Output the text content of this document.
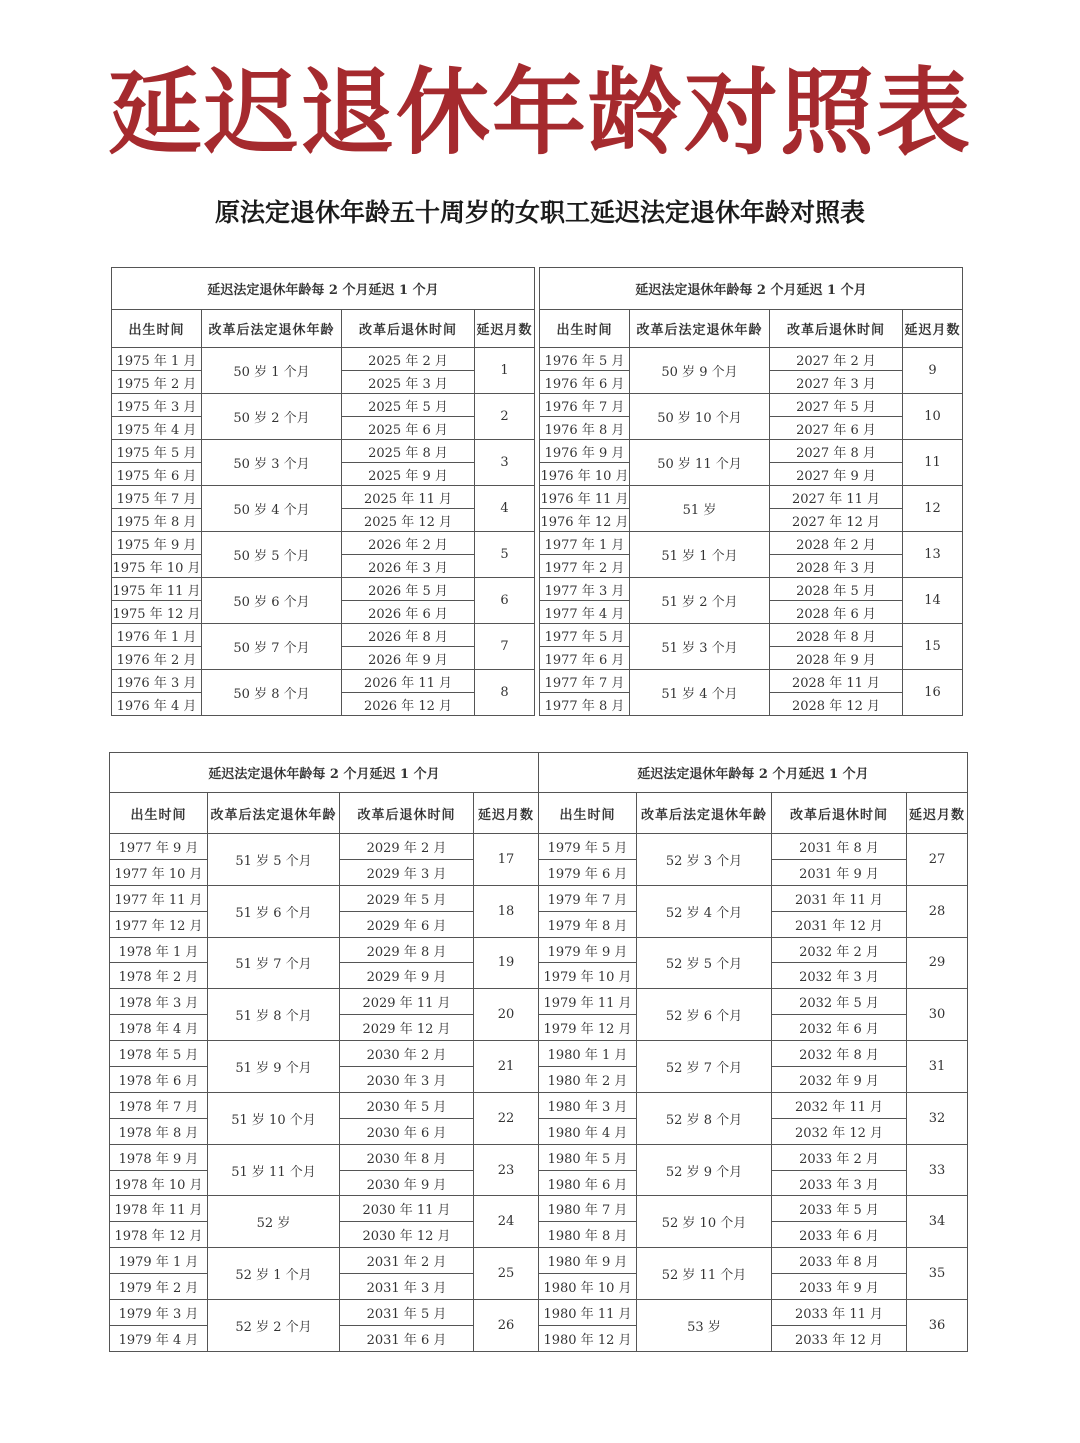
延迟退休年龄对照表
原法定退休年龄五十周岁的女职工延迟法定退休年龄对照表
延迟法定退休年龄每 2 个月延迟 1 个月			
出生时间	改革后法定退休年龄	改革后退休时间	延迟月数
1975 年 1 月	50 岁 1 个月	2025 年 2 月	1
1975 年 2 月		2025 年 3 月	
1975 年 3 月	50 岁 2 个月	2025 年 5 月	2
1975 年 4 月		2025 年 6 月	
1975 年 5 月	50 岁 3 个月	2025 年 8 月	3
1975 年 6 月		2025 年 9 月	
1975 年 7 月	50 岁 4 个月	2025 年 11 月	4
1975 年 8 月		2025 年 12 月	
1975 年 9 月	50 岁 5 个月	2026 年 2 月	5
1975 年 10 月		2026 年 3 月	
1975 年 11 月	50 岁 6 个月	2026 年 5 月	6
1975 年 12 月		2026 年 6 月	
1976 年 1 月	50 岁 7 个月	2026 年 8 月	7
1976 年 2 月		2026 年 9 月	
1976 年 3 月	50 岁 8 个月	2026 年 11 月	8
1976 年 4 月		2026 年 12 月	
延迟法定退休年龄每 2 个月延迟 1 个月			
出生时间	改革后法定退休年龄	改革后退休时间	延迟月数
1976 年 5 月	50 岁 9 个月	2027 年 2 月	9
1976 年 6 月		2027 年 3 月	
1976 年 7 月	50 岁 10 个月	2027 年 5 月	10
1976 年 8 月		2027 年 6 月	
1976 年 9 月	50 岁 11 个月	2027 年 8 月	11
1976 年 10 月		2027 年 9 月	
1976 年 11 月	51 岁	2027 年 11 月	12
1976 年 12 月		2027 年 12 月	
1977 年 1 月	51 岁 1 个月	2028 年 2 月	13
1977 年 2 月		2028 年 3 月	
1977 年 3 月	51 岁 2 个月	2028 年 5 月	14
1977 年 4 月		2028 年 6 月	
1977 年 5 月	51 岁 3 个月	2028 年 8 月	15
1977 年 6 月		2028 年 9 月	
1977 年 7 月	51 岁 4 个月	2028 年 11 月	16
1977 年 8 月		2028 年 12 月	
延迟法定退休年龄每 2 个月延迟 1 个月			
出生时间	改革后法定退休年龄	改革后退休时间	延迟月数
1977 年 9 月	51 岁 5 个月	2029 年 2 月	17
1977 年 10 月		2029 年 3 月	
1977 年 11 月	51 岁 6 个月	2029 年 5 月	18
1977 年 12 月		2029 年 6 月	
1978 年 1 月	51 岁 7 个月	2029 年 8 月	19
1978 年 2 月		2029 年 9 月	
1978 年 3 月	51 岁 8 个月	2029 年 11 月	20
1978 年 4 月		2029 年 12 月	
1978 年 5 月	51 岁 9 个月	2030 年 2 月	21
1978 年 6 月		2030 年 3 月	
1978 年 7 月	51 岁 10 个月	2030 年 5 月	22
1978 年 8 月		2030 年 6 月	
1978 年 9 月	51 岁 11 个月	2030 年 8 月	23
1978 年 10 月		2030 年 9 月	
1978 年 11 月	52 岁	2030 年 11 月	24
1978 年 12 月		2030 年 12 月	
1979 年 1 月	52 岁 1 个月	2031 年 2 月	25
1979 年 2 月		2031 年 3 月	
1979 年 3 月	52 岁 2 个月	2031 年 5 月	26
1979 年 4 月		2031 年 6 月	
延迟法定退休年龄每 2 个月延迟 1 个月			
出生时间	改革后法定退休年龄	改革后退休时间	延迟月数
1979 年 5 月	52 岁 3 个月	2031 年 8 月	27
1979 年 6 月		2031 年 9 月	
1979 年 7 月	52 岁 4 个月	2031 年 11 月	28
1979 年 8 月		2031 年 12 月	
1979 年 9 月	52 岁 5 个月	2032 年 2 月	29
1979 年 10 月		2032 年 3 月	
1979 年 11 月	52 岁 6 个月	2032 年 5 月	30
1979 年 12 月		2032 年 6 月	
1980 年 1 月	52 岁 7 个月	2032 年 8 月	31
1980 年 2 月		2032 年 9 月	
1980 年 3 月	52 岁 8 个月	2032 年 11 月	32
1980 年 4 月		2032 年 12 月	
1980 年 5 月	52 岁 9 个月	2033 年 2 月	33
1980 年 6 月		2033 年 3 月	
1980 年 7 月	52 岁 10 个月	2033 年 5 月	34
1980 年 8 月		2033 年 6 月	
1980 年 9 月	52 岁 11 个月	2033 年 8 月	35
1980 年 10 月		2033 年 9 月	
1980 年 11 月	53 岁	2033 年 11 月	36
1980 年 12 月		2033 年 12 月	
